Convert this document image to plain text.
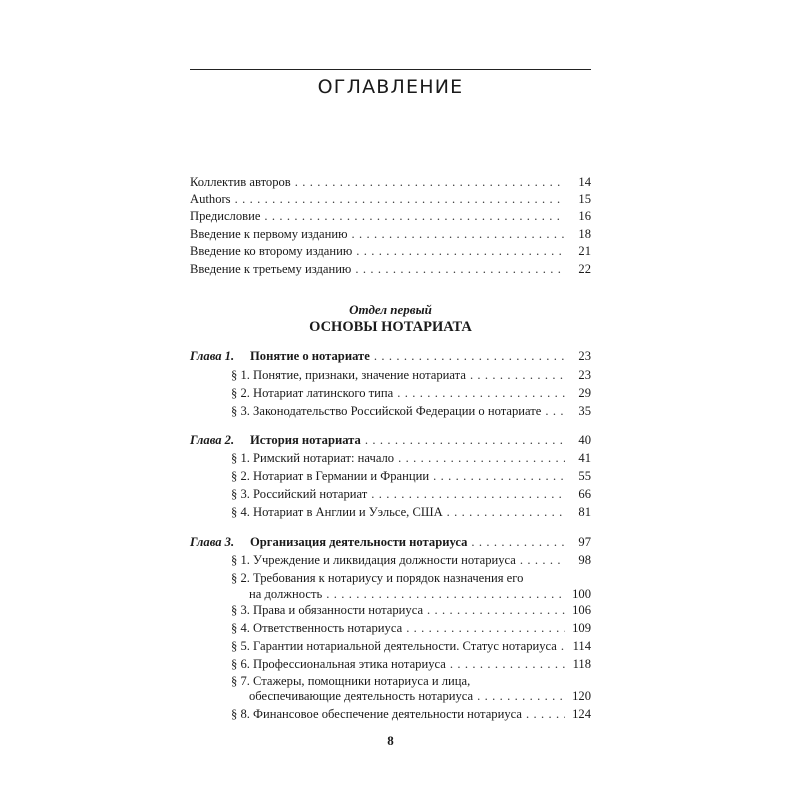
ОГЛАВЛЕНИЕ
Коллектив авторов . . .	14
Authors . . .	15
Предисловие . . .	16
Введение к первому изданию . . .	18
Введение ко второму изданию . . .	21
Введение к третьему изданию . . .	22
Отдел первый
ОСНОВЫ НОТАРИАТА
Глава 1. Понятие о нотариате . . .	23
§ 1. Понятие, признаки, значение нотариата . . .	23
§ 2. Нотариат латинского типа . . .	29
§ 3. Законодательство Российской Федерации о нотариате . . .	35
Глава 2. История нотариата . . .	40
§ 1. Римский нотариат: начало . . .	41
§ 2. Нотариат в Германии и Франции . . .	55
§ 3. Российский нотариат . . .	66
§ 4. Нотариат в Англии и Уэльсе, США . . .	81
Глава 3. Организация деятельности нотариуса . . .	97
§ 1. Учреждение и ликвидация должности нотариуса . . .	98
§ 2. Требования к нотариусу и порядок назначения его
на должность . . .	100
§ 3. Права и обязанности нотариуса . . .	106
§ 4. Ответственность нотариуса . . .	109
§ 5. Гарантии нотариальной деятельности. Статус нотариуса . . .	114
§ 6. Профессиональная этика нотариуса . . .	118
§ 7. Стажеры, помощники нотариуса и лица,
обеспечивающие деятельность нотариуса . . .	120
§ 8. Финансовое обеспечение деятельности нотариуса . . .	124
8
